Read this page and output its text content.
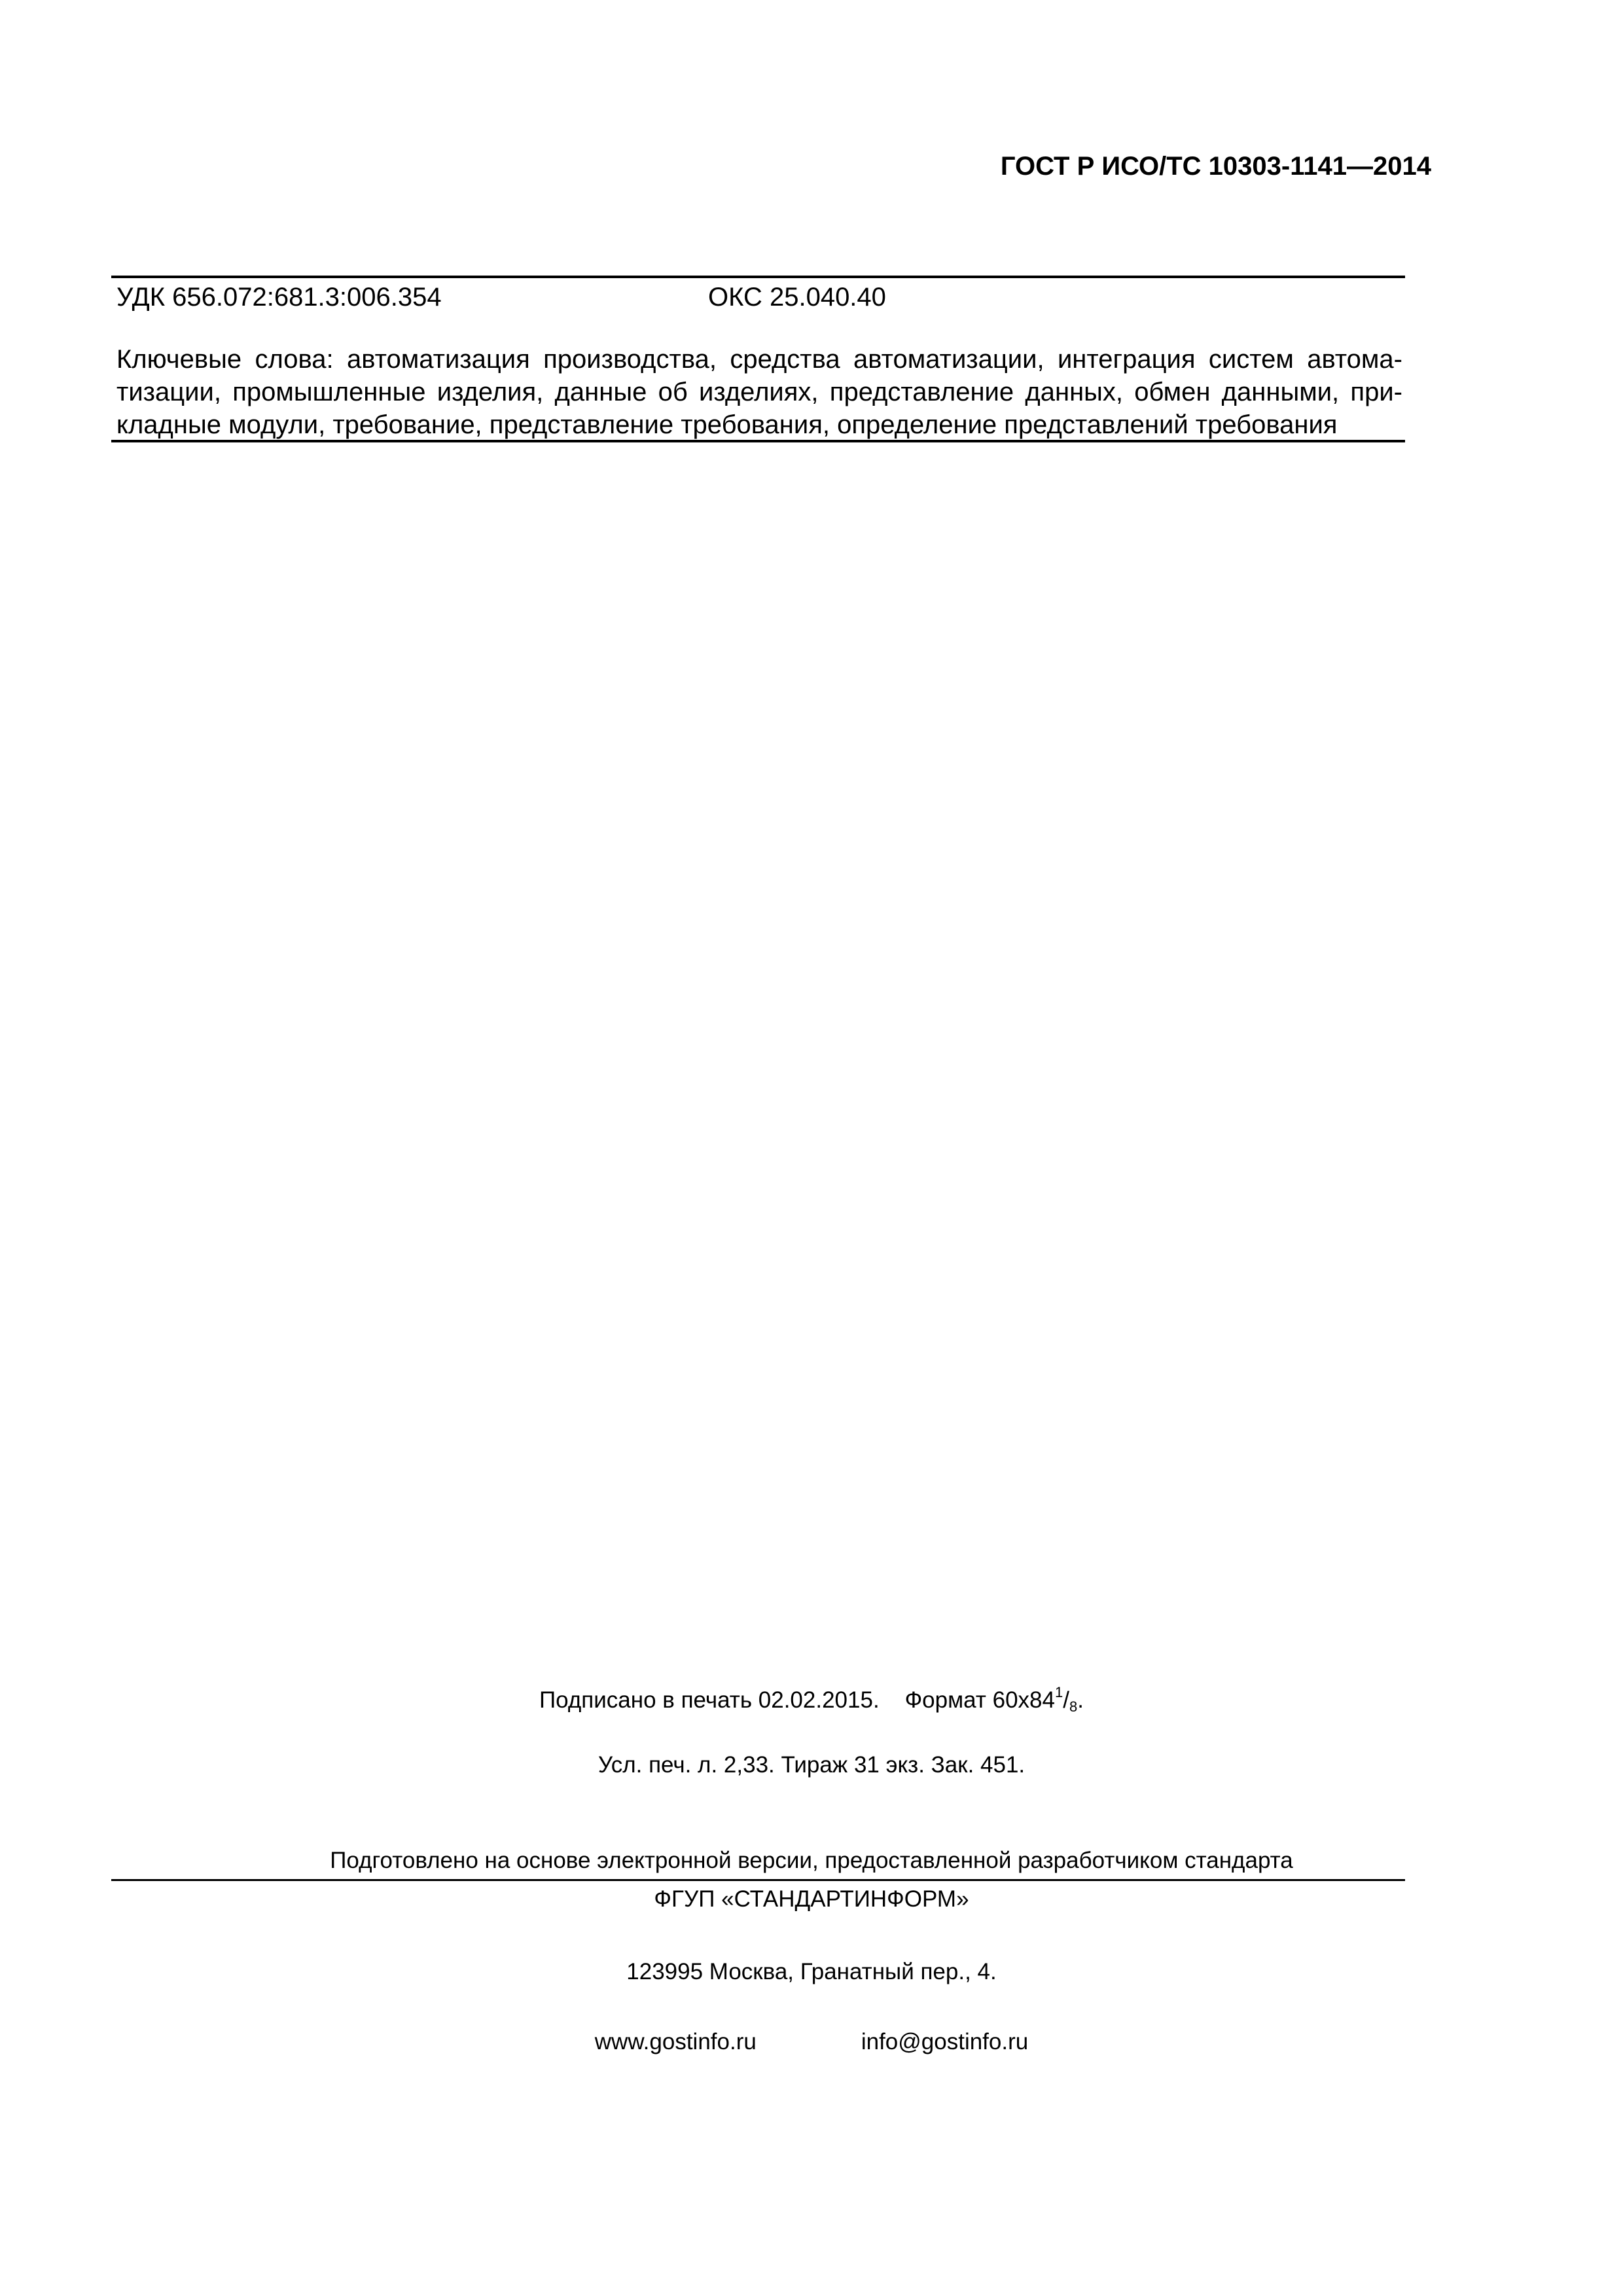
ГОСТ Р ИСО/ТС 10303-1141—2014
УДК 656.072:681.3:006.354	ОКС 25.040.40
Ключевые слова: автоматизация производства, средства автоматизации, интеграция систем автома-
тизации, промышленные изделия, данные об изделиях, представление данных, обмен данными, при-
кладные модули, требование, представление требования, определение представлений требования
Подписано в печать 02.02.2015. Формат $60х84^1/_8$.
Усл. печ. л. 2,33. Тираж 31 экз. Зак. 451.
Подготовлено на основе электронной версии, предоставленной разработчиком стандарта
ФГУП «СТАНДАРТИНФОРМ»
123995 Москва, Гранатный пер., 4.
www.gostinfo.ru	info@gostinfo.ru
